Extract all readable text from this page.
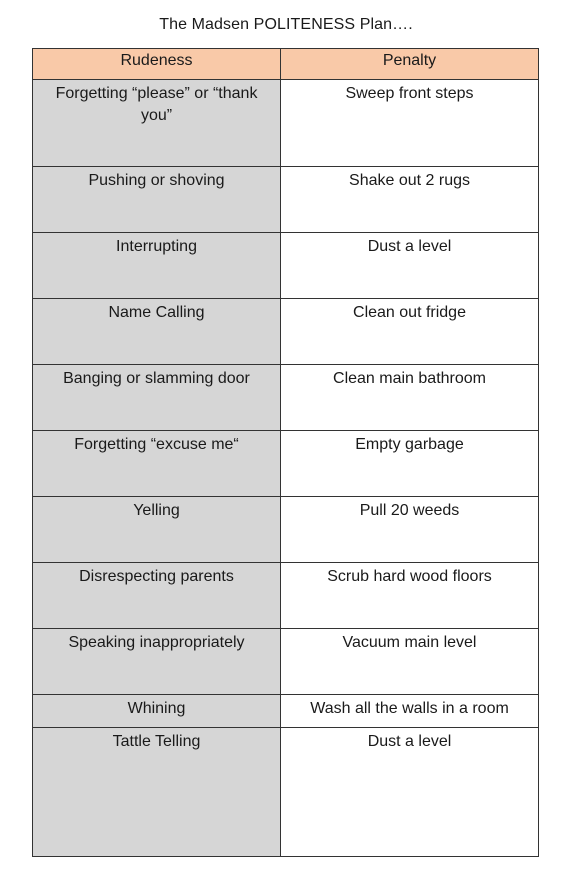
The Madsen POLITENESS Plan….
Rudeness	Penalty
Forgetting “please” or “thank you”	Sweep front steps
Pushing or shoving	Shake out 2 rugs
Interrupting	Dust a level
Name Calling	Clean out fridge
Banging or slamming door	Clean main bathroom
Forgetting “excuse me“	Empty garbage
Yelling	Pull 20 weeds
Disrespecting parents	Scrub hard wood floors
Speaking inappropriately	Vacuum main level
Whining	Wash all the walls in a room
Tattle Telling	Dust a level
